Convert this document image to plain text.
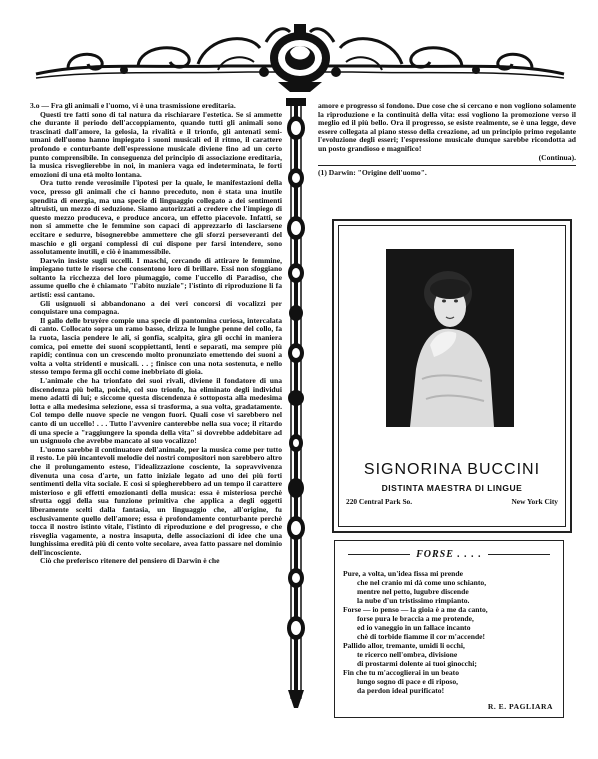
3.o — Fra gli animali e l'uomo, vi è una trasmissione ereditaria.

Questi tre fatti sono di tal natura da rischiarare l'estetica. Se si ammette che durante il periodo dell'accoppiamento, quando tutti gli animali sono trascinati dall'amore, la gelosia, la rivalità e il trionfo, gli antenati semi-umani dell'uomo hanno impiegato i suoni musicali ed il ritmo, il carattere profondo e conturbante dell'espressione musicale diviene fino ad un certo punto comprensibile. In conseguenza del principio di associazione ereditaria, la musica risveglierebbe in noi, in maniera vaga ed indeterminata, le forti emozioni di una età molto lontana.

Ora tutto rende verosimile l'ipotesi per la quale, le manifestazioni della voce, presso gli animali che ci hanno preceduto, non è stata una inutile spendita di energia, ma una specie di linguaggio collegato a dei sentimenti altruisti, un mezzo di seduzione. Siamo autorizzati a credere che l'impiego di questo mezzo produceva, e produce ancora, un effetto piacevole. Infatti, se non si ammette che le femmine son capaci di apprezzarlo di lasciarsene eccitare e sedurre, bisognerebbe ammettere che gli sforzi perseveranti del maschio e gli organi complessi di cui dispone per farsi intendere, sono assolutamente inutili, e ciò è inammessibile.

Darwin insiste sugli uccelli. I maschi, cercando di attirare le femmine, impiegano tutte le risorse che consentono loro di brillare. Essi non sfoggiano soltanto la ricchezza del loro piumaggio, come l'uccello di Paradiso, che assume quello che è chiamato "l'abito nuziale"; l'istinto di riproduzione li fa artisti: essi cantano.

Gli usignuoli si abbandonano a dei veri concorsi di vocalizzi per conquistare una compagna.

Il gallo delle bruyère compie una specie di pantomina curiosa, intercalata di canto. Collocato sopra un ramo basso, drizza le lunghe penne del collo, fa la ruota, lascia pendere le ali, si gonfia, scalpita, gira gli occhi in maniera comica, poi emette dei suoni scoppiettanti, lenti e separati, ma sempre più rapidi; continua con un crescendo molto pronunziato emettendo dei suoni a volta a volta stridenti e musicali. . . ; finisce con una nota sostenuta, e nello stesso tempo ferma gli occhi come inebbriato di gioia.

L'animale che ha trionfato dei suoi rivali, diviene il fondatore di una discendenza più bella, poichè, col suo trionfo, ha eliminato degli individui meno adatti di lui; e siccome questa discendenza è sottoposta alla medesima lotta e alla medesima selezione, essa si trasforma, a sua volta, gradatamente. Col tempo delle nuove specie ne vengon fuori. Quali cose vi sarebbero nel canto di un uccello! . . . Tutto l'avvenire canterebbe nella sua voce; il ritardo di una specie a "raggiungere la sponda della vita" si dovrebbe addebitare ad un usignuolo che avrebbe mancato al suo vocalizzo!

L'uomo sarebbe il continuatore dell'animale, per la musica come per tutto il resto. Le più incantevoli melodie dei nostri compositori non sarebbero altro che il prolungamento esteso, l'idealizzazione cosciente, la sopravvivenza divenuta una cosa d'arte, un fatto iniziale legato ad uno dei più forti sentimenti della vita sociale. E così si spiegherebbero ad un tempo il carattere misterioso e gli effetti emozionanti della musica: essa è misteriosa perchè sfrutta oggi della sua funzione primitiva che applica a degli oggetti liberamente scelti dalla fantasia, un linguaggio che, all'origine, fu esclusivamente quello dell'amore; essa è profondamente conturbante perchè tocca il nostro istinto vitale, l'istinto di riproduzione e del progresso, e che risveglia vagamente, a nostra insaputa, delle associazioni di idee che una lunghissima eredità più di cento volte secolare, avea fatto passare nel dominio dell'incosciente.

Ciò che preferisco ritenere del pensiero di Darwin è che

amore e progresso si fondono. Due cose che si cercano e non vogliono solamente la riproduzione e la continuità della vita: essi vogliono la promozione verso il meglio ed il più bello. Ora il progresso, se esiste realmente, se è una legge, deve essere collegata al piano stesso della creazione, ad un principio primo regolante l'evoluzione degli esseri; l'espressione musicale dunque sarebbe ricondotta ad un posto grandioso e magnifico!

(Continua).

(1) Darwin: "Origine dell'uomo".

SIGNORINA BUCCINI
DISTINTA MAESTRA DI LINGUE
220 Central Park So.	New York City
FORSE . . . .
Pure, a volta, un'idea fissa mi prende
che nel cranio mi dà come uno schianto,
mentre nel petto, lugubre discende
la nube d'un tristissimo rimpianto.
Forse — io penso — la gioia è a me da canto,
forse pura le braccia a me protende,
ed io vaneggio in un fallace incanto
chè di torbide fiamme il cor m'accende!
Pallido allor, tremante, umidi li occhi,
te ricerco nell'ombra, divisione
di prostarmi dolente ai tuoi ginocchi;
Fin che tu m'accoglierai in un beato
lungo sogno di pace e di riposo,
da perdon ideal purificato!
R. E. PAGLIARA
